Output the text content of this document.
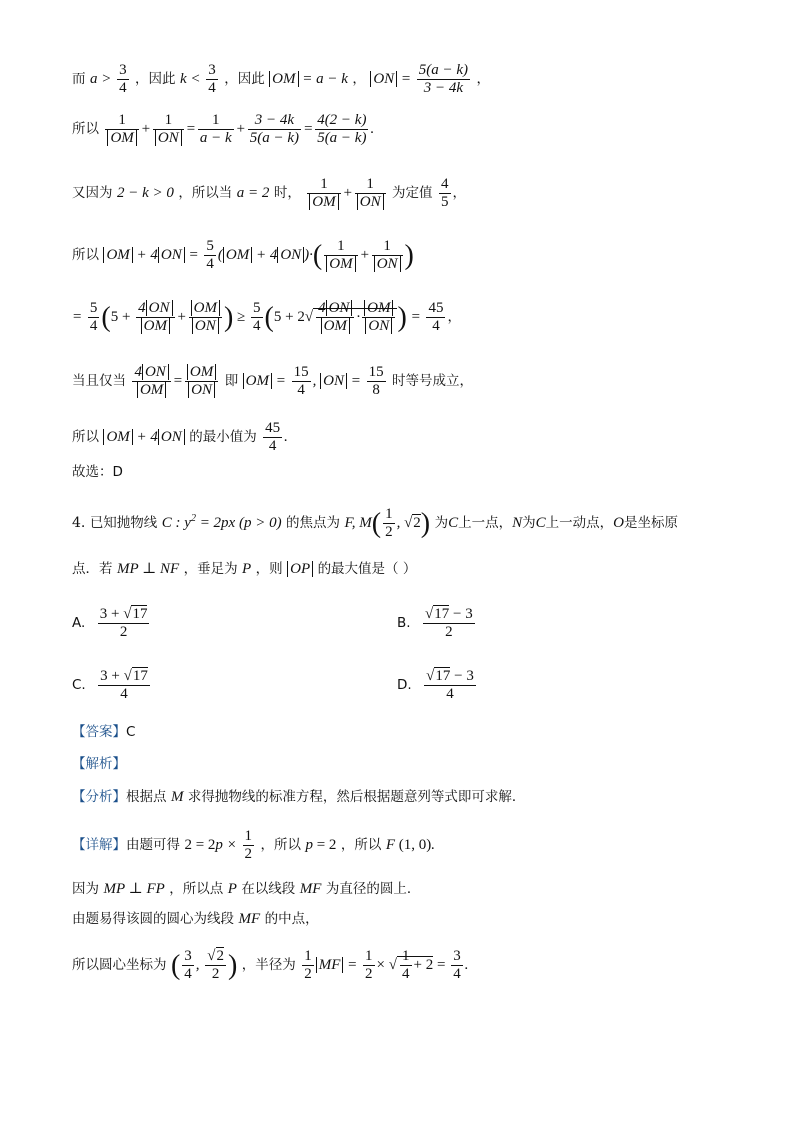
而 $a > \frac{3}{4}$ ，因此 $k < \frac{3}{4}$ ，因此 OM = a − k ， ON = $\frac{5(a - k)}{3 - 4k}$ ，
所以 $\frac{1}{OM} + \frac{1}{ON} = \frac{1}{a - k} + \frac{3 - 4k}{5(a - k)} = \frac{4(2 - k)}{5(a - k)}$ .
又因为 2 − k > 0 ，所以当 a = 2 时， $\frac{1}{OM} + \frac{1}{ON}$ 为定值 $\frac{4}{5}$ ，
所以 OM + 4 ON = $\frac{5}{4}$ ( OM + 4 ON )·( $\frac{1}{OM} + \frac{1}{ON}$ )
= $\frac{5}{4} (5 + \frac{4 ON}{OM} + \frac{OM}{ON}$ ) ≥ $\frac{5}{4} (5 + 2√ \frac{4 ON}{OM} \cdot \frac{OM}{ON}$ ) = $\frac{45}{4}$ ，
当且仅当 $\frac{4 ON}{OM} = \frac{OM}{ON}$ 即 OM = $\frac{15}{4}$ , ON = $\frac{15}{8}$ 时等号成立，
所以 OM + 4 ON 的最小值为 $\frac{45}{4}$ .
故选：D
4. 已知抛物线 C : $y^2 = 2px$ (p > 0) 的焦点为 F, $M( \frac{1}{2}$ , √2) 为C上一点，N为C上一动点，O是坐标原
点．若 MP ⊥ NF ，垂足为 P ，则 OP 的最大值是（ ）
A. $\frac{3 + √17}{2}$	B. $\frac{√17 - 3}{2}$
C. $\frac{3 + √17}{4}$	D. $\frac{√17 - 3}{4}$
【答案】C
【解析】
【分析】根据点 M 求得抛物线的标准方程，然后根据题意列等式即可求解．
【详解】由题可得 $2 = 2p \times \frac{1}{2}$ ，所以 p = 2 ，所以 F (1, 0).
因为 MP ⊥ FP ，所以点 P 在以线段 MF 为直径的圆上．
由题易得该圆的圆心为线段 MF 的中点，
所以圆心坐标为 ( $\frac{3}{4}$ , $\frac{√2}{2}$ ) ，半径为 $\frac{1}{2}$ MF = $\frac{1}{2}$ × √ $\frac{1}{4} + 2 = \frac{3}{4}$ .
